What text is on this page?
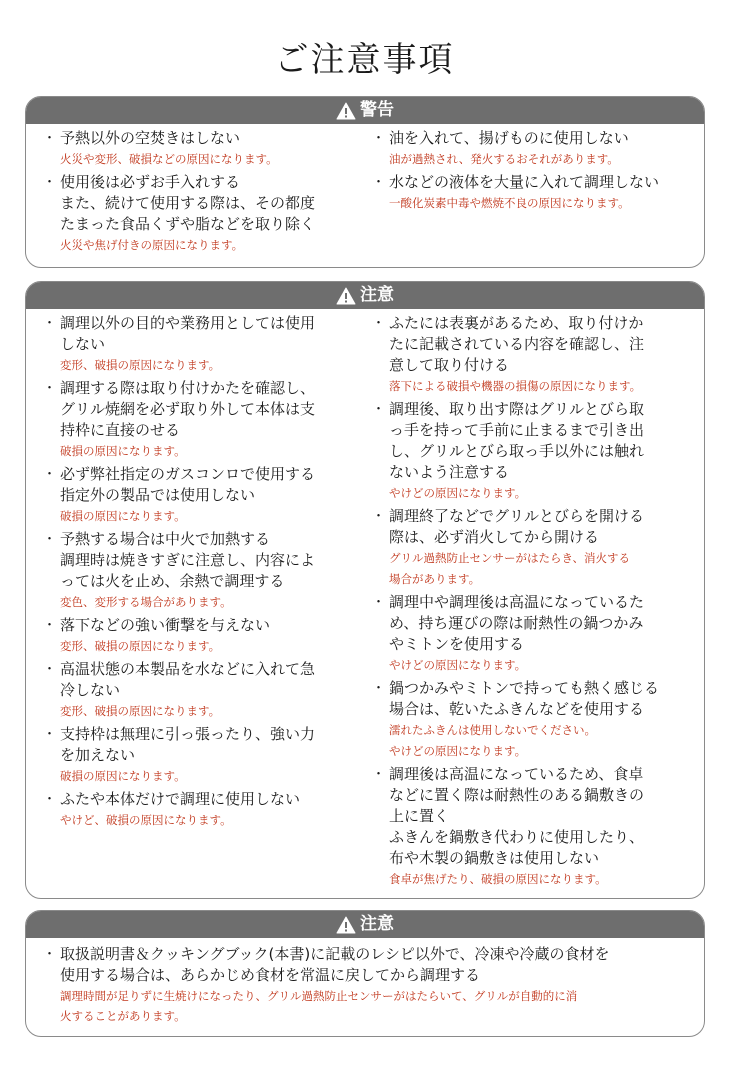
ご注意事項
警告
・ 予熱以外の空焚きはしない
火災や変形、破損などの原因になります。
・ 使用後は必ずお手入れする
また、続けて使用する際は、その都度
たまった食品くずや脂などを取り除く
火災や焦げ付きの原因になります。
・ 油を入れて、揚げものに使用しない
油が過熱され、発火するおそれがあります。
・ 水などの液体を大量に入れて調理しない
一酸化炭素中毒や燃焼不良の原因になります。
注意
・ 調理以外の目的や業務用としては使用
しない
変形、破損の原因になります。
・ 調理する際は取り付けかたを確認し、
グリル焼網を必ず取り外して本体は支
持枠に直接のせる
破損の原因になります。
・ 必ず弊社指定のガスコンロで使用する
指定外の製品では使用しない
破損の原因になります。
・ 予熱する場合は中火で加熱する
調理時は焼きすぎに注意し、内容によ
っては火を止め、余熱で調理する
変色、変形する場合があります。
・ 落下などの強い衝撃を与えない
変形、破損の原因になります。
・ 高温状態の本製品を水などに入れて急
冷しない
変形、破損の原因になります。
・ 支持枠は無理に引っ張ったり、強い力
を加えない
破損の原因になります。
・ ふたや本体だけで調理に使用しない
やけど、破損の原因になります。
・ ふたには表裏があるため、取り付けか
たに記載されている内容を確認し、注
意して取り付ける
落下による破損や機器の損傷の原因になります。
・ 調理後、取り出す際はグリルとびら取
っ手を持って手前に止まるまで引き出
し、グリルとびら取っ手以外には触れ
ないよう注意する
やけどの原因になります。
・ 調理終了などでグリルとびらを開ける
際は、必ず消火してから開ける
グリル過熱防止センサーがはたらき、消火する
場合があります。
・ 調理中や調理後は高温になっているた
め、持ち運びの際は耐熱性の鍋つかみ
やミトンを使用する
やけどの原因になります。
・ 鍋つかみやミトンで持っても熱く感じる
場合は、乾いたふきんなどを使用する
濡れたふきんは使用しないでください。
やけどの原因になります。
・ 調理後は高温になっているため、食卓
などに置く際は耐熱性のある鍋敷きの
上に置く
ふきんを鍋敷き代わりに使用したり、
布や木製の鍋敷きは使用しない
食卓が焦げたり、破損の原因になります。
注意
・ 取扱説明書＆クッキングブック(本書)に記載のレシピ以外で、冷凍や冷蔵の食材を
使用する場合は、あらかじめ食材を常温に戻してから調理する
調理時間が足りずに生焼けになったり、グリル過熱防止センサーがはたらいて、グリルが自動的に消
火することがあります。
